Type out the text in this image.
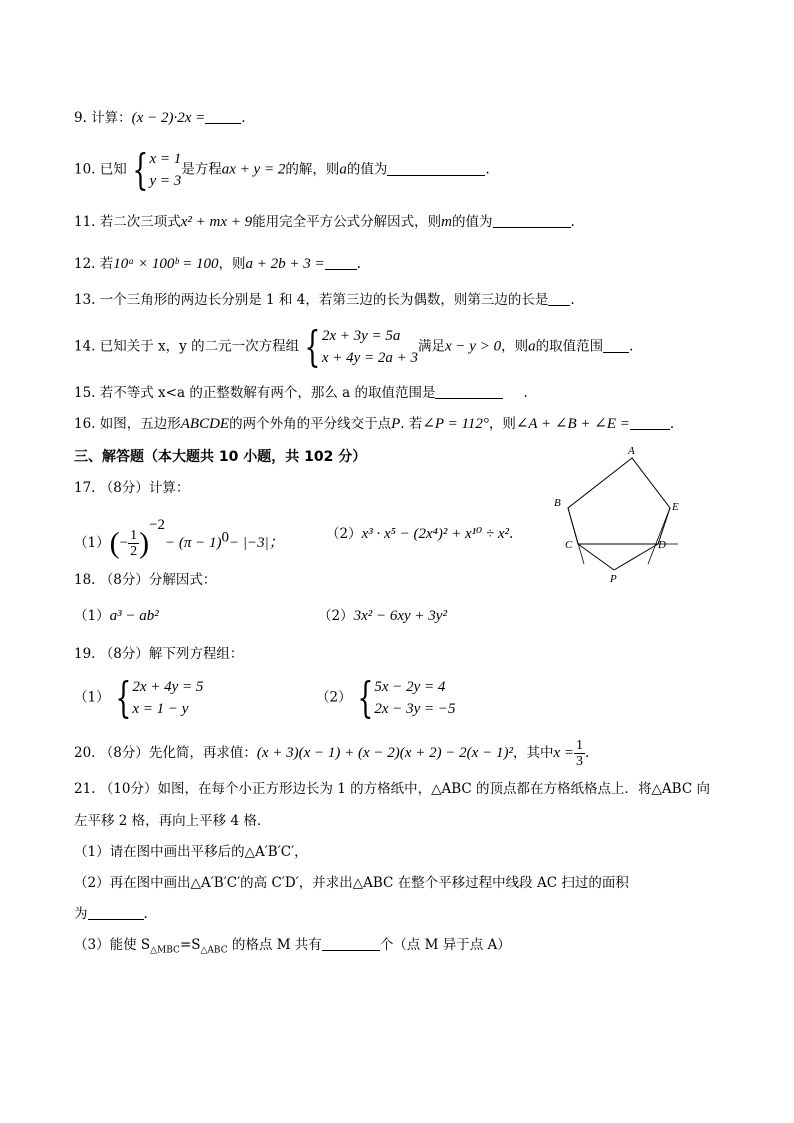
9. 计算：(x − 2)·2x =	.
10. 已知 { x = 1
y = 3
是方程ax + y = 2的解，则a的值为	.
11. 若二次三项式x² + mx + 9能用完全平方公式分解因式，则m的值为	.
12. 若10ᵃ × 100ᵇ = 100，则a + 2b + 3 = .
13. 一个三角形的两边长分别是 1 和 4，若第三边的长为偶数，则第三边的长是 .
14. 已知关于 x，y 的二元一次方程组 { 2x + 3y = 5a
x + 4y = 2a + 3
满足x − y > 0，则a的取值范围 .
15. 若不等式 x<a 的正整数解有两个，那么 a 的取值范围是	.
16. 如图，五边形ABCDE的两个外角的平分线交于点P. 若∠P = 112°，则∠A + ∠B + ∠E =	.
三、解答题（本大题共 10 小题，共 102 分）
17. （8分）计算：
$(1)(- \frac{1}{2} )^{-2}- (\pi - 1)^0- |-3|$；
（2）x³ · x⁵ − (2x⁴)² + x¹⁰ ÷ x².
A
B
C	D
E
P
18. （8分）分解因式：
（1）a³ − ab²	（2）3x² − 6xy + 3y²
19. （8分）解下列方程组：
（1） { 2x + 4y = 5
x = 1 − y
（2） { 5x − 2y = 4
2x − 3y = −5
20. （8分）先化简，再求值：(x + 3)(x − 1) + (x − 2)(x + 2) − 2(x − 1)²，其中$x = \frac{1}{3}$ .
21. （10分）如图，在每个小正方形边长为 1 的方格纸中，△ABC 的顶点都在方格纸格点上．将△ABC 向
左平移 2 格，再向上平移 4 格．
（1）请在图中画出平移后的△A′B′C′，
（2）再在图中画出△A′B′C′的高 C′D′，并求出△ABC 在整个平移过程中线段 AC 扫过的面积
为	.
（3）能使 $S_{\triangle MBC}=S_{\triangle ABC}$ 的格点 M 共有	个（点 M 异于点 A）
